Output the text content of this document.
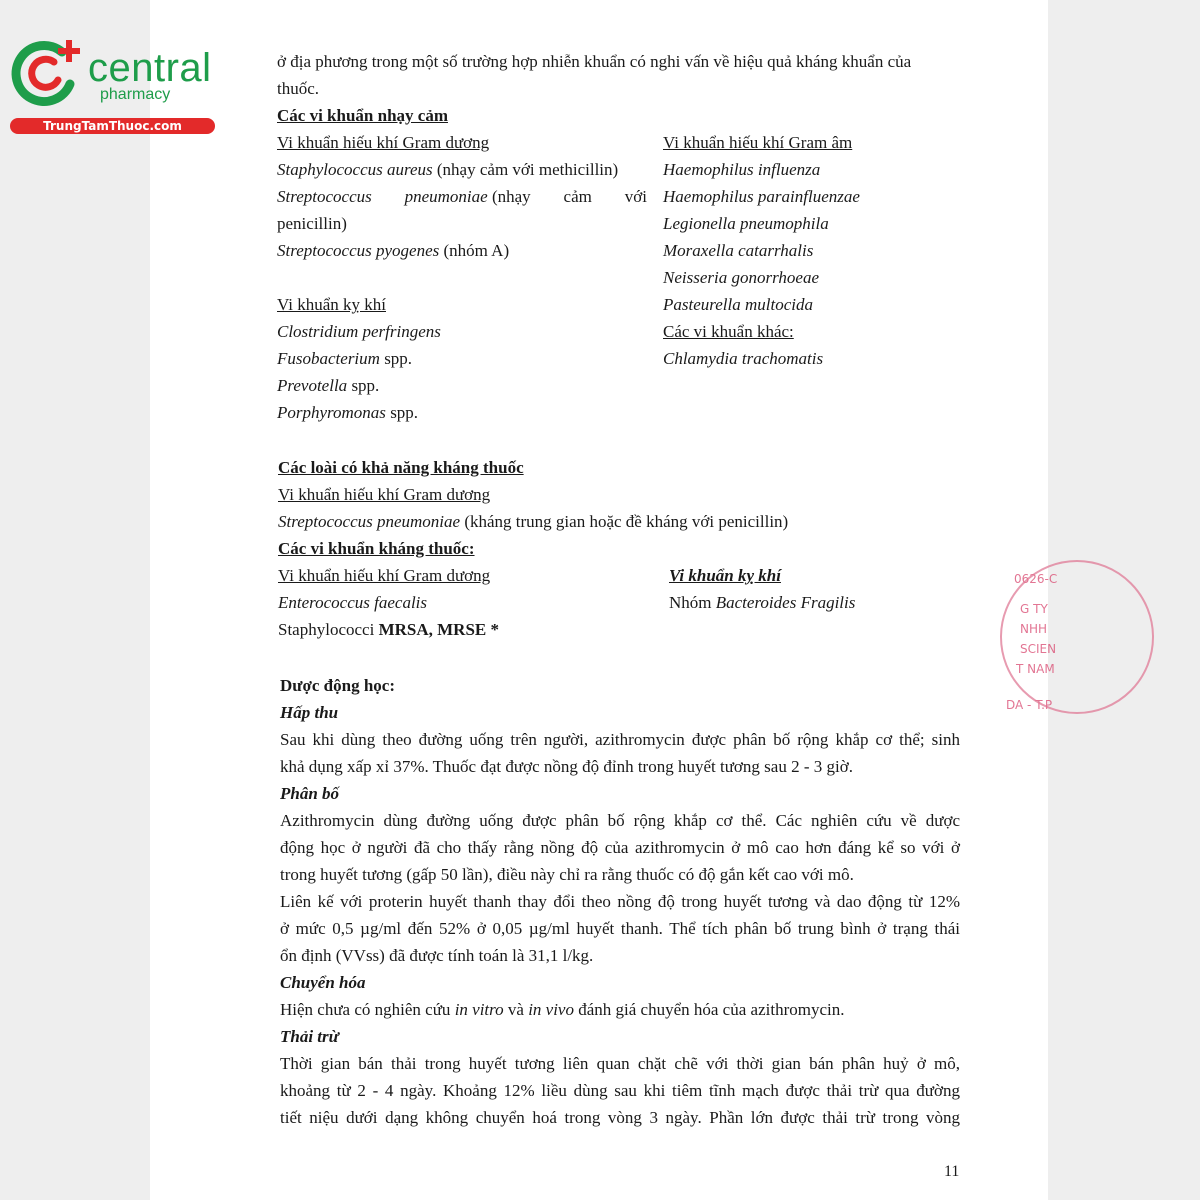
central
pharmacy
TrungTamThuoc.com
ở địa phương trong một số trường hợp nhiễn khuẩn có nghi vấn về hiệu quả kháng khuẩn của
thuốc.
Các vi khuẩn nhạy cảm
Vi khuẩn hiếu khí Gram dương	Vi khuẩn hiếu khí Gram âm
Staphylococcus aureus (nhạy cảm với methicillin)
Streptococcus pneumoniae (nhạy cảm với
penicillin)
Streptococcus pyogenes (nhóm A)
Haemophilus influenza
Haemophilus parainfluenzae
Legionella pneumophila
Moraxella catarrhalis
Neisseria gonorrhoeae
Pasteurella multocida
Các vi khuẩn khác:
Chlamydia trachomatis
Vi khuẩn kỵ khí
Clostridium perfringens
Fusobacterium spp.
Prevotella spp.
Porphyromonas spp.
Các loài có khả năng kháng thuốc
Vi khuẩn hiếu khí Gram dương
Streptococcus pneumoniae (kháng trung gian hoặc đề kháng với penicillin)
Các vi khuẩn kháng thuốc:
Vi khuẩn hiếu khí Gram dương	Vi khuẩn kỵ khí
Enterococcus faecalis
Staphylococci MRSA, MRSE *
Nhóm Bacteroides Fragilis
Dược động học:
Hấp thu
Sau khi dùng theo đường uống trên người, azithromycin được phân bố rộng khắp cơ thể; sinh
khả dụng xấp xỉ 37%. Thuốc đạt được nồng độ đỉnh trong huyết tương sau 2 - 3 giờ.
Phân bố
Azithromycin dùng đường uống được phân bố rộng khắp cơ thể. Các nghiên cứu về dược
động học ở người đã cho thấy rằng nồng độ của azithromycin ở mô cao hơn đáng kể so với ở
trong huyết tương (gấp 50 lần), điều này chỉ ra rằng thuốc có độ gắn kết cao với mô.
Liên kế với proterin huyết thanh thay đổi theo nồng độ trong huyết tương và dao động từ 12%
ở mức 0,5 µg/ml đến 52% ở 0,05 µg/ml huyết thanh. Thể tích phân bố trung bình ở trạng thái
ổn định (VVss) đã được tính toán là 31,1 l/kg.
Chuyển hóa
Hiện chưa có nghiên cứu in vitro và in vivo đánh giá chuyển hóa của azithromycin.
Thải trừ
Thời gian bán thải trong huyết tương liên quan chặt chẽ với thời gian bán phân huỷ ở mô,
khoảng từ 2 - 4 ngày. Khoảng 12% liều dùng sau khi tiêm tĩnh mạch được thải trừ qua đường
tiết niệu dưới dạng không chuyển hoá trong vòng 3 ngày. Phần lớn được thải trừ trong vòng
0626-C
G TY
NHH
SCIEN
T NAM
DA - T.P
11
